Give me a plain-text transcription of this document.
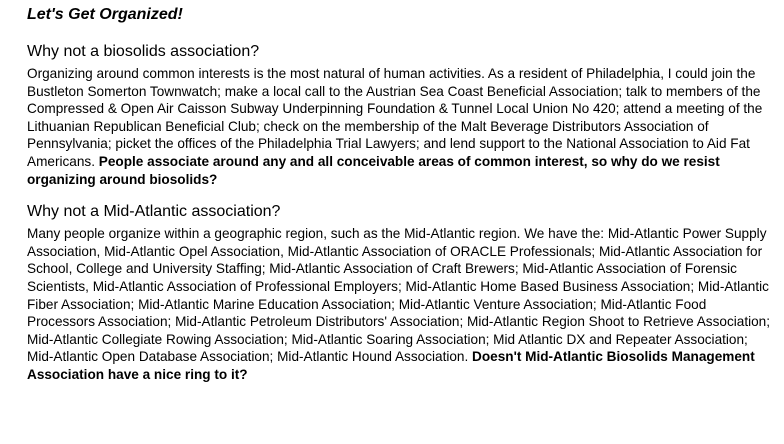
Let's Get Organized!
Why not a biosolids association?

Organizing around common interests is the most natural of human activities. As a resident of Philadelphia, I could join the Bustleton Somerton Townwatch; make a local call to the Austrian Sea Coast Beneficial Association; talk to members of the Compressed & Open Air Caisson Subway Underpinning Foundation & Tunnel Local Union No 420; attend a meeting of the Lithuanian Republican Beneficial Club; check on the membership of the Malt Beverage Distributors Association of Pennsylvania; picket the offices of the Philadelphia Trial Lawyers; and lend support to the National Association to Aid Fat Americans. People associate around any and all conceivable areas of common interest, so why do we resist organizing around biosolids?

Why not a Mid-Atlantic association?

Many people organize within a geographic region, such as the Mid-Atlantic region. We have the: Mid-Atlantic Power Supply Association, Mid-Atlantic Opel Association, Mid-Atlantic Association of ORACLE Professionals; Mid-Atlantic Association for School, College and University Staffing; Mid-Atlantic Association of Craft Brewers; Mid-Atlantic Association of Forensic Scientists, Mid-Atlantic Association of Professional Employers; Mid-Atlantic Home Based Business Association; Mid-Atlantic Fiber Association; Mid-Atlantic Marine Education Association; Mid-Atlantic Venture Association; Mid-Atlantic Food Processors Association; Mid-Atlantic Petroleum Distributors' Association; Mid-Atlantic Region Shoot to Retrieve Association; Mid-Atlantic Collegiate Rowing Association; Mid-Atlantic Soaring Association; Mid Atlantic DX and Repeater Association; Mid-Atlantic Open Database Association; Mid-Atlantic Hound Association. Doesn't Mid-Atlantic Biosolids Management Association have a nice ring to it?
